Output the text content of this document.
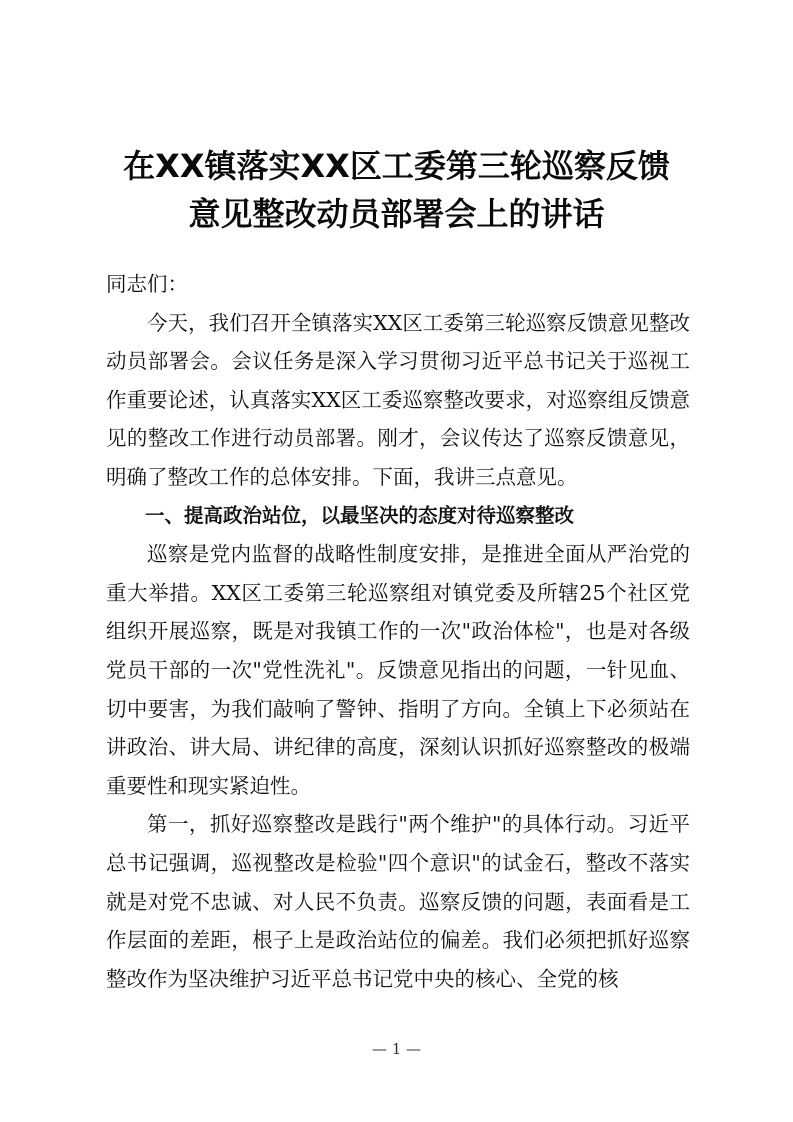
在XX镇落实XX区工委第三轮巡察反馈
意见整改动员部署会上的讲话

同志们：

今天，我们召开全镇落实XX区工委第三轮巡察反馈意见整改动员部署会。会议任务是深入学习贯彻习近平总书记关于巡视工作重要论述，认真落实XX区工委巡察整改要求，对巡察组反馈意见的整改工作进行动员部署。刚才，会议传达了巡察反馈意见，明确了整改工作的总体安排。下面，我讲三点意见。

一、提高政治站位，以最坚决的态度对待巡察整改

巡察是党内监督的战略性制度安排，是推进全面从严治党的重大举措。XX区工委第三轮巡察组对镇党委及所辖25个社区党组织开展巡察，既是对我镇工作的一次"政治体检"，也是对各级党员干部的一次"党性洗礼"。反馈意见指出的问题，一针见血、切中要害，为我们敲响了警钟、指明了方向。全镇上下必须站在讲政治、讲大局、讲纪律的高度，深刻认识抓好巡察整改的极端重要性和现实紧迫性。

第一，抓好巡察整改是践行"两个维护"的具体行动。习近平总书记强调，巡视整改是检验"四个意识"的试金石，整改不落实就是对党不忠诚、对人民不负责。巡察反馈的问题，表面看是工作层面的差距，根子上是政治站位的偏差。我们必须把抓好巡察整改作为坚决维护习近平总书记党中央的核心、全党的核

— 1 —
